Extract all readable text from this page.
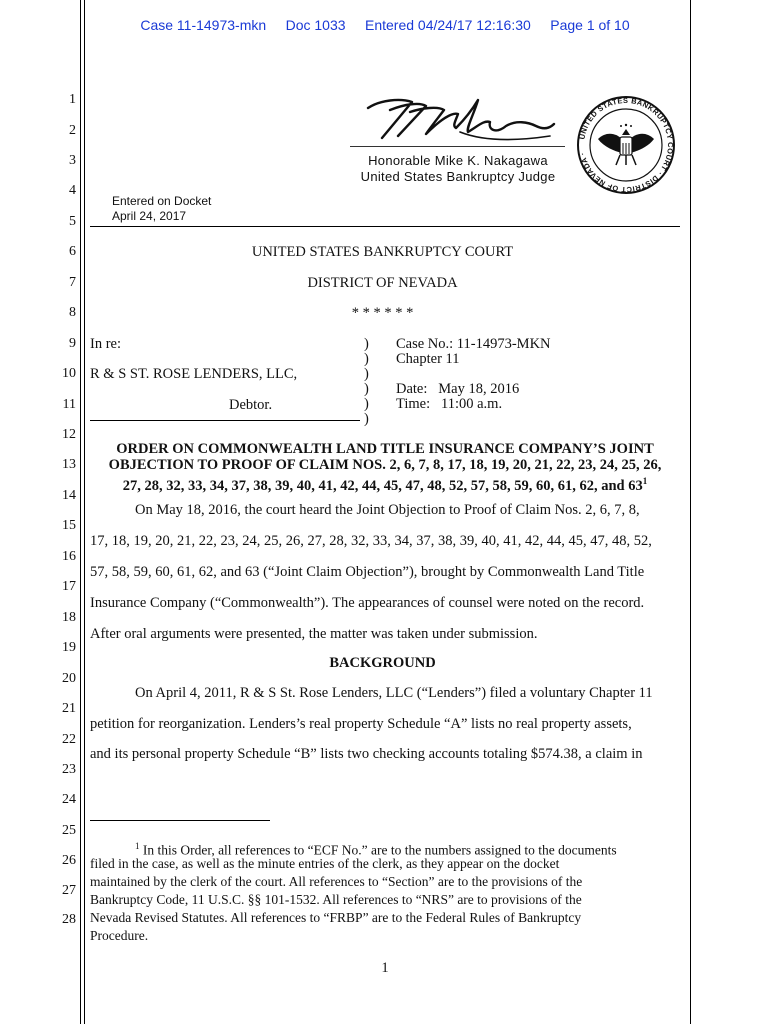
Case 11-14973-mkn     Doc 1033     Entered 04/24/17 12:16:30     Page 1 of 10
1
2
3
4
5
6
7
8
9
10
11
12
13
14
15
16
17
18
19
20
21
22
23
24
25
26
27
28
Honorable Mike K. Nakagawa
United States Bankruptcy Judge
UNITED STATES BANKRUPTCY COURT · DISTRICT OF NEVADA ·
Entered on Docket
April 24, 2017
UNITED STATES BANKRUPTCY COURT
DISTRICT OF NEVADA
* * * * * *
In re:
R & S ST. ROSE LENDERS, LLC,
Debtor.
)
)
)
)
)
)
Case No.: 11-14973-MKN
Chapter 11
Date:   May 18, 2016
Time:   11:00 a.m.
ORDER ON COMMONWEALTH LAND TITLE INSURANCE COMPANY’S JOINT
OBJECTION TO PROOF OF CLAIM NOS. 2, 6, 7, 8, 17, 18, 19, 20, 21, 22, 23, 24, 25, 26,
27, 28, 32, 33, 34, 37, 38, 39, 40, 41, 42, 44, 45, 47, 48, 52, 57, 58, 59, 60, 61, 62, and $63^1$
On May 18, 2016, the court heard the Joint Objection to Proof of Claim Nos. 2, 6, 7, 8,
17, 18, 19, 20, 21, 22, 23, 24, 25, 26, 27, 28, 32, 33, 34, 37, 38, 39, 40, 41, 42, 44, 45, 47, 48, 52,
57, 58, 59, 60, 61, 62, and 63 (“Joint Claim Objection”), brought by Commonwealth Land Title
Insurance Company (“Commonwealth”). The appearances of counsel were noted on the record.
After oral arguments were presented, the matter was taken under submission.
BACKGROUND
On April 4, 2011, R & S St. Rose Lenders, LLC (“Lenders”) filed a voluntary Chapter 11
petition for reorganization. Lenders’s real property Schedule “A” lists no real property assets,
and its personal property Schedule “B” lists two checking accounts totaling $574.38, a claim in
$^1$ In this Order, all references to “ECF No.” are to the numbers assigned to the documents
filed in the case, as well as the minute entries of the clerk, as they appear on the docket
maintained by the clerk of the court. All references to “Section” are to the provisions of the
Bankruptcy Code, 11 U.S.C. §§ 101-1532. All references to “NRS” are to provisions of the
Nevada Revised Statutes. All references to “FRBP” are to the Federal Rules of Bankruptcy
Procedure.
1
